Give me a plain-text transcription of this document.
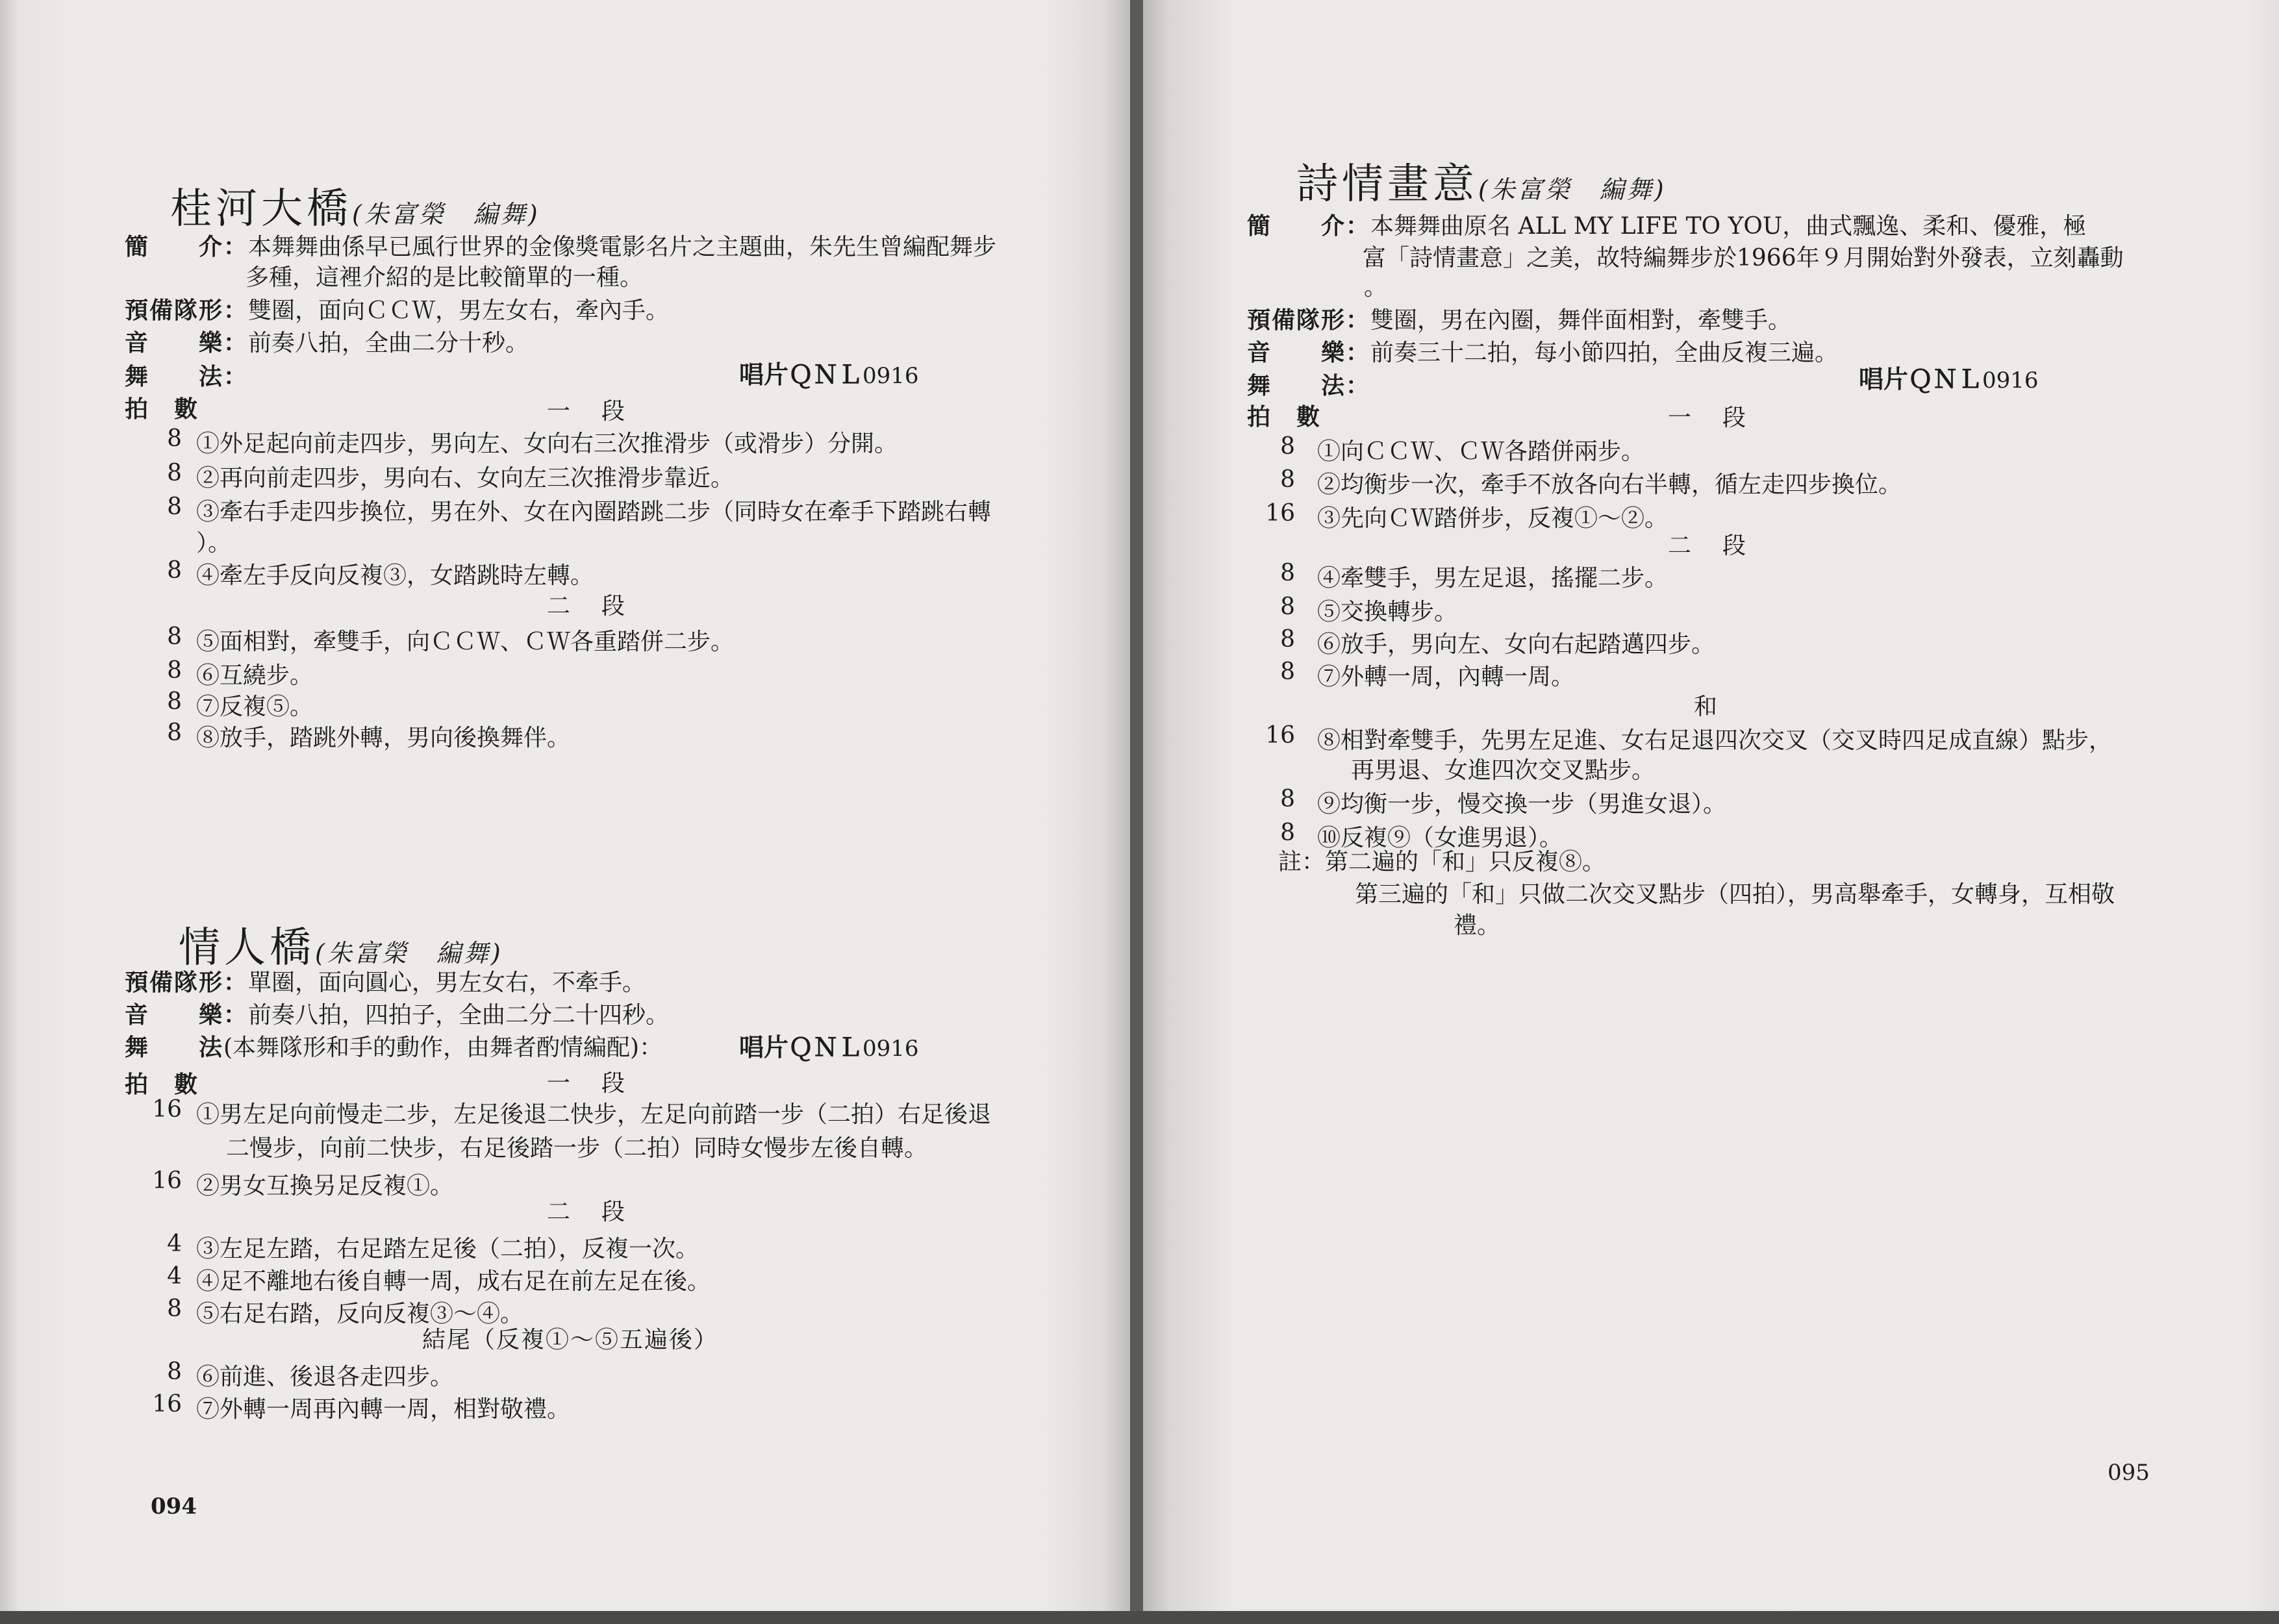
桂河大橋(朱富榮　編舞)
簡　　介：本舞舞曲係早已風行世界的金像獎電影名片之主題曲，朱先生曾編配舞步
多種，這裡介紹的是比較簡單的一種。
預備隊形：雙圈，面向ＣＣＷ，男左女右，牽內手。
音　　樂：前奏八拍，全曲二分十秒。
舞　　法：	唱片ＱＮＬ0916
拍　數	一　段
8 ①外足起向前走四步，男向左、女向右三次推滑步（或滑步）分開。
8 ②再向前走四步，男向右、女向左三次推滑步靠近。
8 ③牽右手走四步換位，男在外、女在內圈踏跳二步（同時女在牽手下踏跳右轉
）。
8 ④牽左手反向反複③，女踏跳時左轉。
二　段
8 ⑤面相對，牽雙手，向ＣＣＷ、ＣＷ各重踏併二步。
8 ⑥互繞步。
8 ⑦反複⑤。
8 ⑧放手，踏跳外轉，男向後換舞伴。
情人橋(朱富榮　編舞)
預備隊形：單圈，面向圓心，男左女右，不牽手。
音　　樂：前奏八拍，四拍子，全曲二分二十四秒。
舞　　法(本舞隊形和手的動作，由舞者酌情編配)：	唱片ＱＮＬ0916
拍　數	一　段
16 ①男左足向前慢走二步，左足後退二快步，左足向前踏一步（二拍）右足後退
二慢步，向前二快步，右足後踏一步（二拍）同時女慢步左後自轉。
16 ②男女互換另足反複①。
二　段
4 ③左足左踏，右足踏左足後（二拍），反複一次。
4 ④足不離地右後自轉一周，成右足在前左足在後。
8 ⑤右足右踏，反向反複③～④。
結尾（反複①～⑤五遍後）
8 ⑥前進、後退各走四步。
16 ⑦外轉一周再內轉一周，相對敬禮。
094
詩情畫意(朱富榮　編舞)
簡　　介：本舞舞曲原名 ALL MY LIFE TO YOU，曲式飄逸、柔和、優雅，極
富「詩情畫意」之美，故特編舞步於1966年９月開始對外發表，立刻轟動
。
預備隊形：雙圈，男在內圈，舞伴面相對，牽雙手。
音　　樂：前奏三十二拍，每小節四拍，全曲反複三遍。
舞　　法：	唱片ＱＮＬ0916
拍　數	一　段
8 ①向ＣＣＷ、ＣＷ各踏併兩步。
8 ②均衡步一次，牽手不放各向右半轉，循左走四步換位。
16 ③先向ＣＷ踏併步，反複①～②。
二　段
8 ④牽雙手，男左足退，搖擺二步。
8 ⑤交換轉步。
8 ⑥放手，男向左、女向右起踏邁四步。
8 ⑦外轉一周，內轉一周。
和
16 ⑧相對牽雙手，先男左足進、女右足退四次交叉（交叉時四足成直線）點步，
再男退、女進四次交叉點步。
8 ⑨均衡一步，慢交換一步（男進女退）。
8 ⑩反複⑨（女進男退）。
註：第二遍的「和」只反複⑧。
第三遍的「和」只做二次交叉點步（四拍），男高舉牽手，女轉身，互相敬
禮。
095
